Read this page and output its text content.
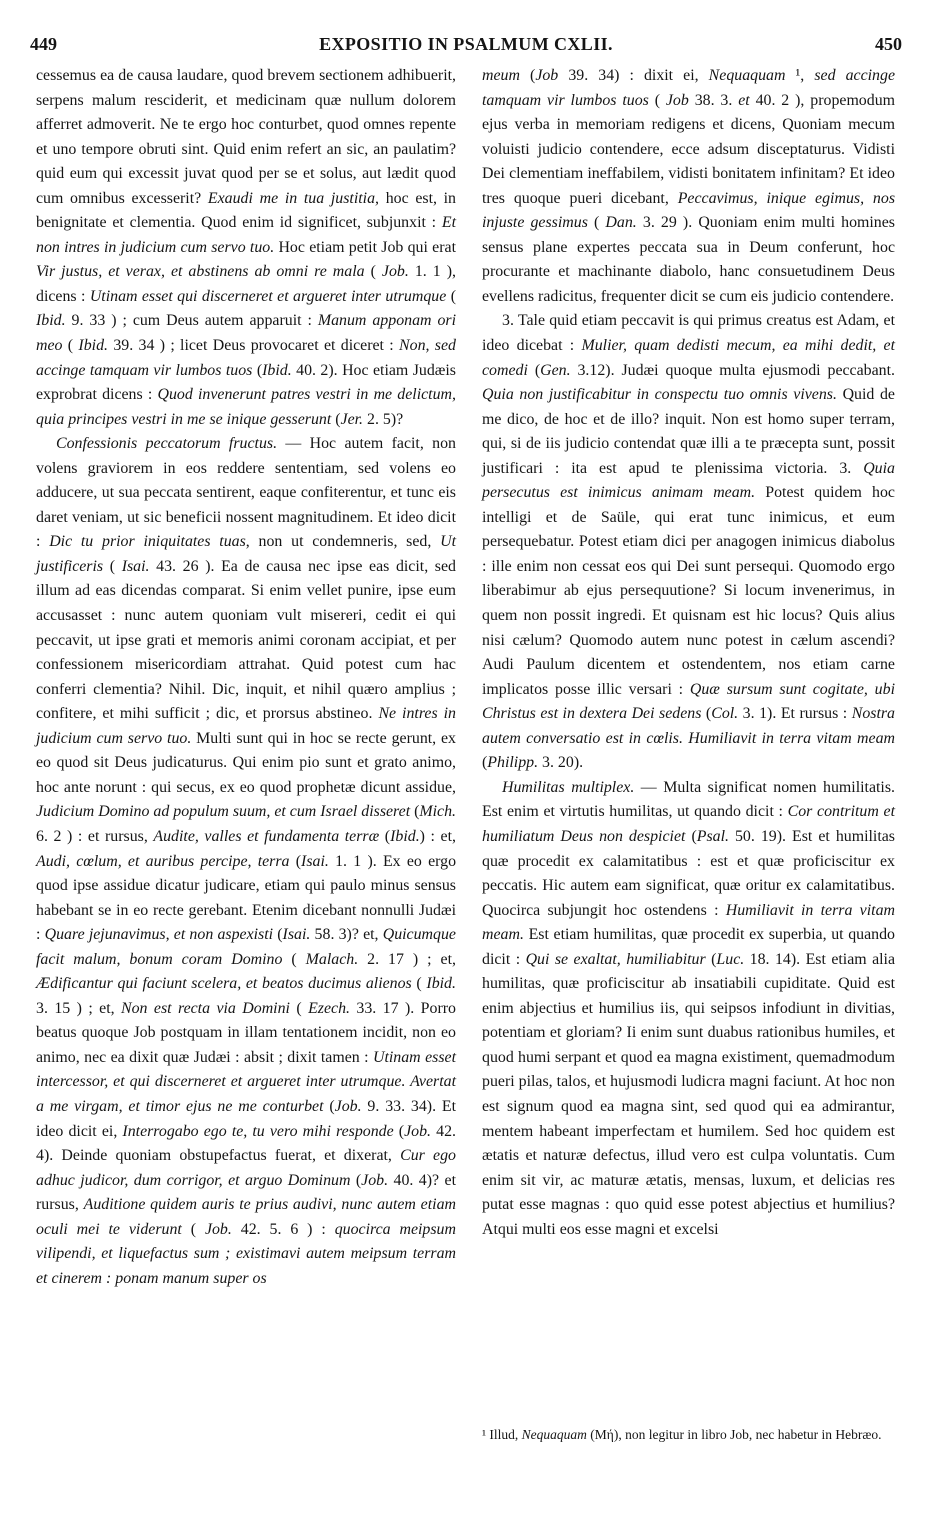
449	EXPOSITIO IN PSALMUM CXLII.	450

cessemus ea de causa laudare, quod brevem sectionem adhibuerit, serpens malum resciderit, et medicinam quæ nullum dolorem afferret admoverit. Ne te ergo hoc conturbet, quod omnes repente et uno tempore obruti sint. Quid enim refert an sic, an paulatim? quid eum qui excessit juvat quod per se et solus, aut lædit quod cum omnibus excesserit? Exaudi me in tua justitia, hoc est, in benignitate et clementia. Quod enim id significet, subjunxit : Et non intres in judicium cum servo tuo. Hoc etiam petit Job qui erat Vir justus, et verax, et abstinens ab omni re mala ( Job. 1. 1 ), dicens : Utinam esset qui discerneret et argueret inter utrumque ( Ibid. 9. 33 ) ; cum Deus autem apparuit : Manum apponam ori meo ( Ibid. 39. 34 ) ; licet Deus provocaret et diceret : Non, sed accinge tamquam vir lumbos tuos (Ibid. 40. 2). Hoc etiam Judæis exprobrat dicens : Quod invenerunt patres vestri in me delictum, quia principes vestri in me se inique gesserunt (Jer. 2. 5)?

Confessionis peccatorum fructus. — Hoc autem facit, non volens graviorem in eos reddere sententiam, sed volens eo adducere, ut sua peccata sentirent, eaque confiterentur, et tunc eis daret veniam, ut sic beneficii nossent magnitudinem. Et ideo dicit : Dic tu prior iniquitates tuas, non ut condemneris, sed, Ut justificeris ( Isai. 43. 26 ). Ea de causa nec ipse eas dicit, sed illum ad eas dicendas comparat. Si enim vellet punire, ipse eum accusasset : nunc autem quoniam vult misereri, cedit ei qui peccavit, ut ipse grati et memoris animi coronam accipiat, et per confessionem misericordiam attrahat. Quid potest cum hac conferri clementia? Nihil. Dic, inquit, et nihil quæro amplius ; confitere, et mihi sufficit ; dic, et prorsus abstineo. Ne intres in judicium cum servo tuo. Multi sunt qui in hoc se recte gerunt, ex eo quod sit Deus judicaturus. Qui enim pio sunt et grato animo, hoc ante norunt : qui secus, ex eo quod prophetæ dicunt assidue, Judicium Domino ad populum suum, et cum Israel disseret (Mich. 6. 2 ) : et rursus, Audite, valles et fundamenta terræ (Ibid.) : et, Audi, cœlum, et auribus percipe, terra (Isai. 1. 1 ). Ex eo ergo quod ipse assidue dicatur judicare, etiam qui paulo minus sensus habebant se in eo recte gerebant. Etenim dicebant nonnulli Judæi : Quare jejunavimus, et non aspexisti (Isai. 58. 3)? et, Quicumque facit malum, bonum coram Domino ( Malach. 2. 17 ) ; et, Ædificantur qui faciunt scelera, et beatos ducimus alienos ( Ibid. 3. 15 ) ; et, Non est recta via Domini ( Ezech. 33. 17 ). Porro beatus quoque Job postquam in illam tentationem incidit, non eo animo, nec ea dixit quæ Judæi : absit ; dixit tamen : Utinam esset intercessor, et qui discerneret et argueret inter utrumque. Avertat a me virgam, et timor ejus ne me conturbet (Job. 9. 33. 34). Et ideo dicit ei, Interrogabo ego te, tu vero mihi responde (Job. 42. 4). Deinde quoniam obstupefactus fuerat, et dixerat, Cur ego adhuc judicor, dum corrigor, et arguo Dominum (Job. 40. 4)? et rursus, Auditione quidem auris te prius audivi, nunc autem etiam oculi mei te viderunt ( Job. 42. 5. 6 ) : quocirca meipsum vilipendi, et liquefactus sum ; existimavi autem meipsum terram et cinerem : ponam manum super os

meum (Job 39. 34) : dixit ei, Nequaquam ¹, sed accinge tamquam vir lumbos tuos ( Job 38. 3. et 40. 2 ), propemodum ejus verba in memoriam redigens et dicens, Quoniam mecum voluisti judicio contendere, ecce adsum disceptaturus. Vidisti Dei clementiam ineffabilem, vidisti bonitatem infinitam? Et ideo tres quoque pueri dicebant, Peccavimus, inique egimus, nos injuste gessimus ( Dan. 3. 29 ). Quoniam enim multi homines sensus plane expertes peccata sua in Deum conferunt, hoc procurante et machinante diabolo, hanc consuetudinem Deus evellens radicitus, frequenter dicit se cum eis judicio contendere.

3. Tale quid etiam peccavit is qui primus creatus est Adam, et ideo dicebat : Mulier, quam dedisti mecum, ea mihi dedit, et comedi (Gen. 3.12). Judæi quoque multa ejusmodi peccabant. Quia non justificabitur in conspectu tuo omnis vivens. Quid de me dico, de hoc et de illo? inquit. Non est homo super terram, qui, si de iis judicio contendat quæ illi a te præcepta sunt, possit justificari : ita est apud te plenissima victoria. 3. Quia persecutus est inimicus animam meam. Potest quidem hoc intelligi et de Saüle, qui erat tunc inimicus, et eum persequebatur. Potest etiam dici per anagogen inimicus diabolus : ille enim non cessat eos qui Dei sunt persequi. Quomodo ergo liberabimur ab ejus persequutione? Si locum invenerimus, in quem non possit ingredi. Et quisnam est hic locus? Quis alius nisi cælum? Quomodo autem nunc potest in cælum ascendi? Audi Paulum dicentem et ostendentem, nos etiam carne implicatos posse illic versari : Quæ sursum sunt cogitate, ubi Christus est in dextera Dei sedens (Col. 3. 1). Et rursus : Nostra autem conversatio est in cœlis. Humiliavit in terra vitam meam (Philipp. 3. 20).

Humilitas multiplex. — Multa significat nomen humilitatis. Est enim et virtutis humilitas, ut quando dicit : Cor contritum et humiliatum Deus non despiciet (Psal. 50. 19). Est et humilitas quæ procedit ex calamitatibus : est et quæ proficiscitur ex peccatis. Hic autem eam significat, quæ oritur ex calamitatibus. Quocirca subjungit hoc ostendens : Humiliavit in terra vitam meam. Est etiam humilitas, quæ procedit ex superbia, ut quando dicit : Qui se exaltat, humiliabitur (Luc. 18. 14). Est etiam alia humilitas, quæ proficiscitur ab insatiabili cupiditate. Quid est enim abjectius et humilius iis, qui seipsos infodiunt in divitias, potentiam et gloriam? Ii enim sunt duabus rationibus humiles, et quod humi serpant et quod ea magna existiment, quemadmodum pueri pilas, talos, et hujusmodi ludicra magni faciunt. At hoc non est signum quod ea magna sint, sed quod qui ea admirantur, mentem habeant imperfectam et humilem. Sed hoc quidem est ætatis et naturæ defectus, illud vero est culpa voluntatis. Cum enim sit vir, ac maturæ ætatis, mensas, luxum, et delicias res putat esse magnas : quo quid esse potest abjectius et humilius? Atqui multi eos esse magni et excelsi

¹ Illud, Nequaquam (Μή), non legitur in libro Job, nec habetur in Hebræo.
